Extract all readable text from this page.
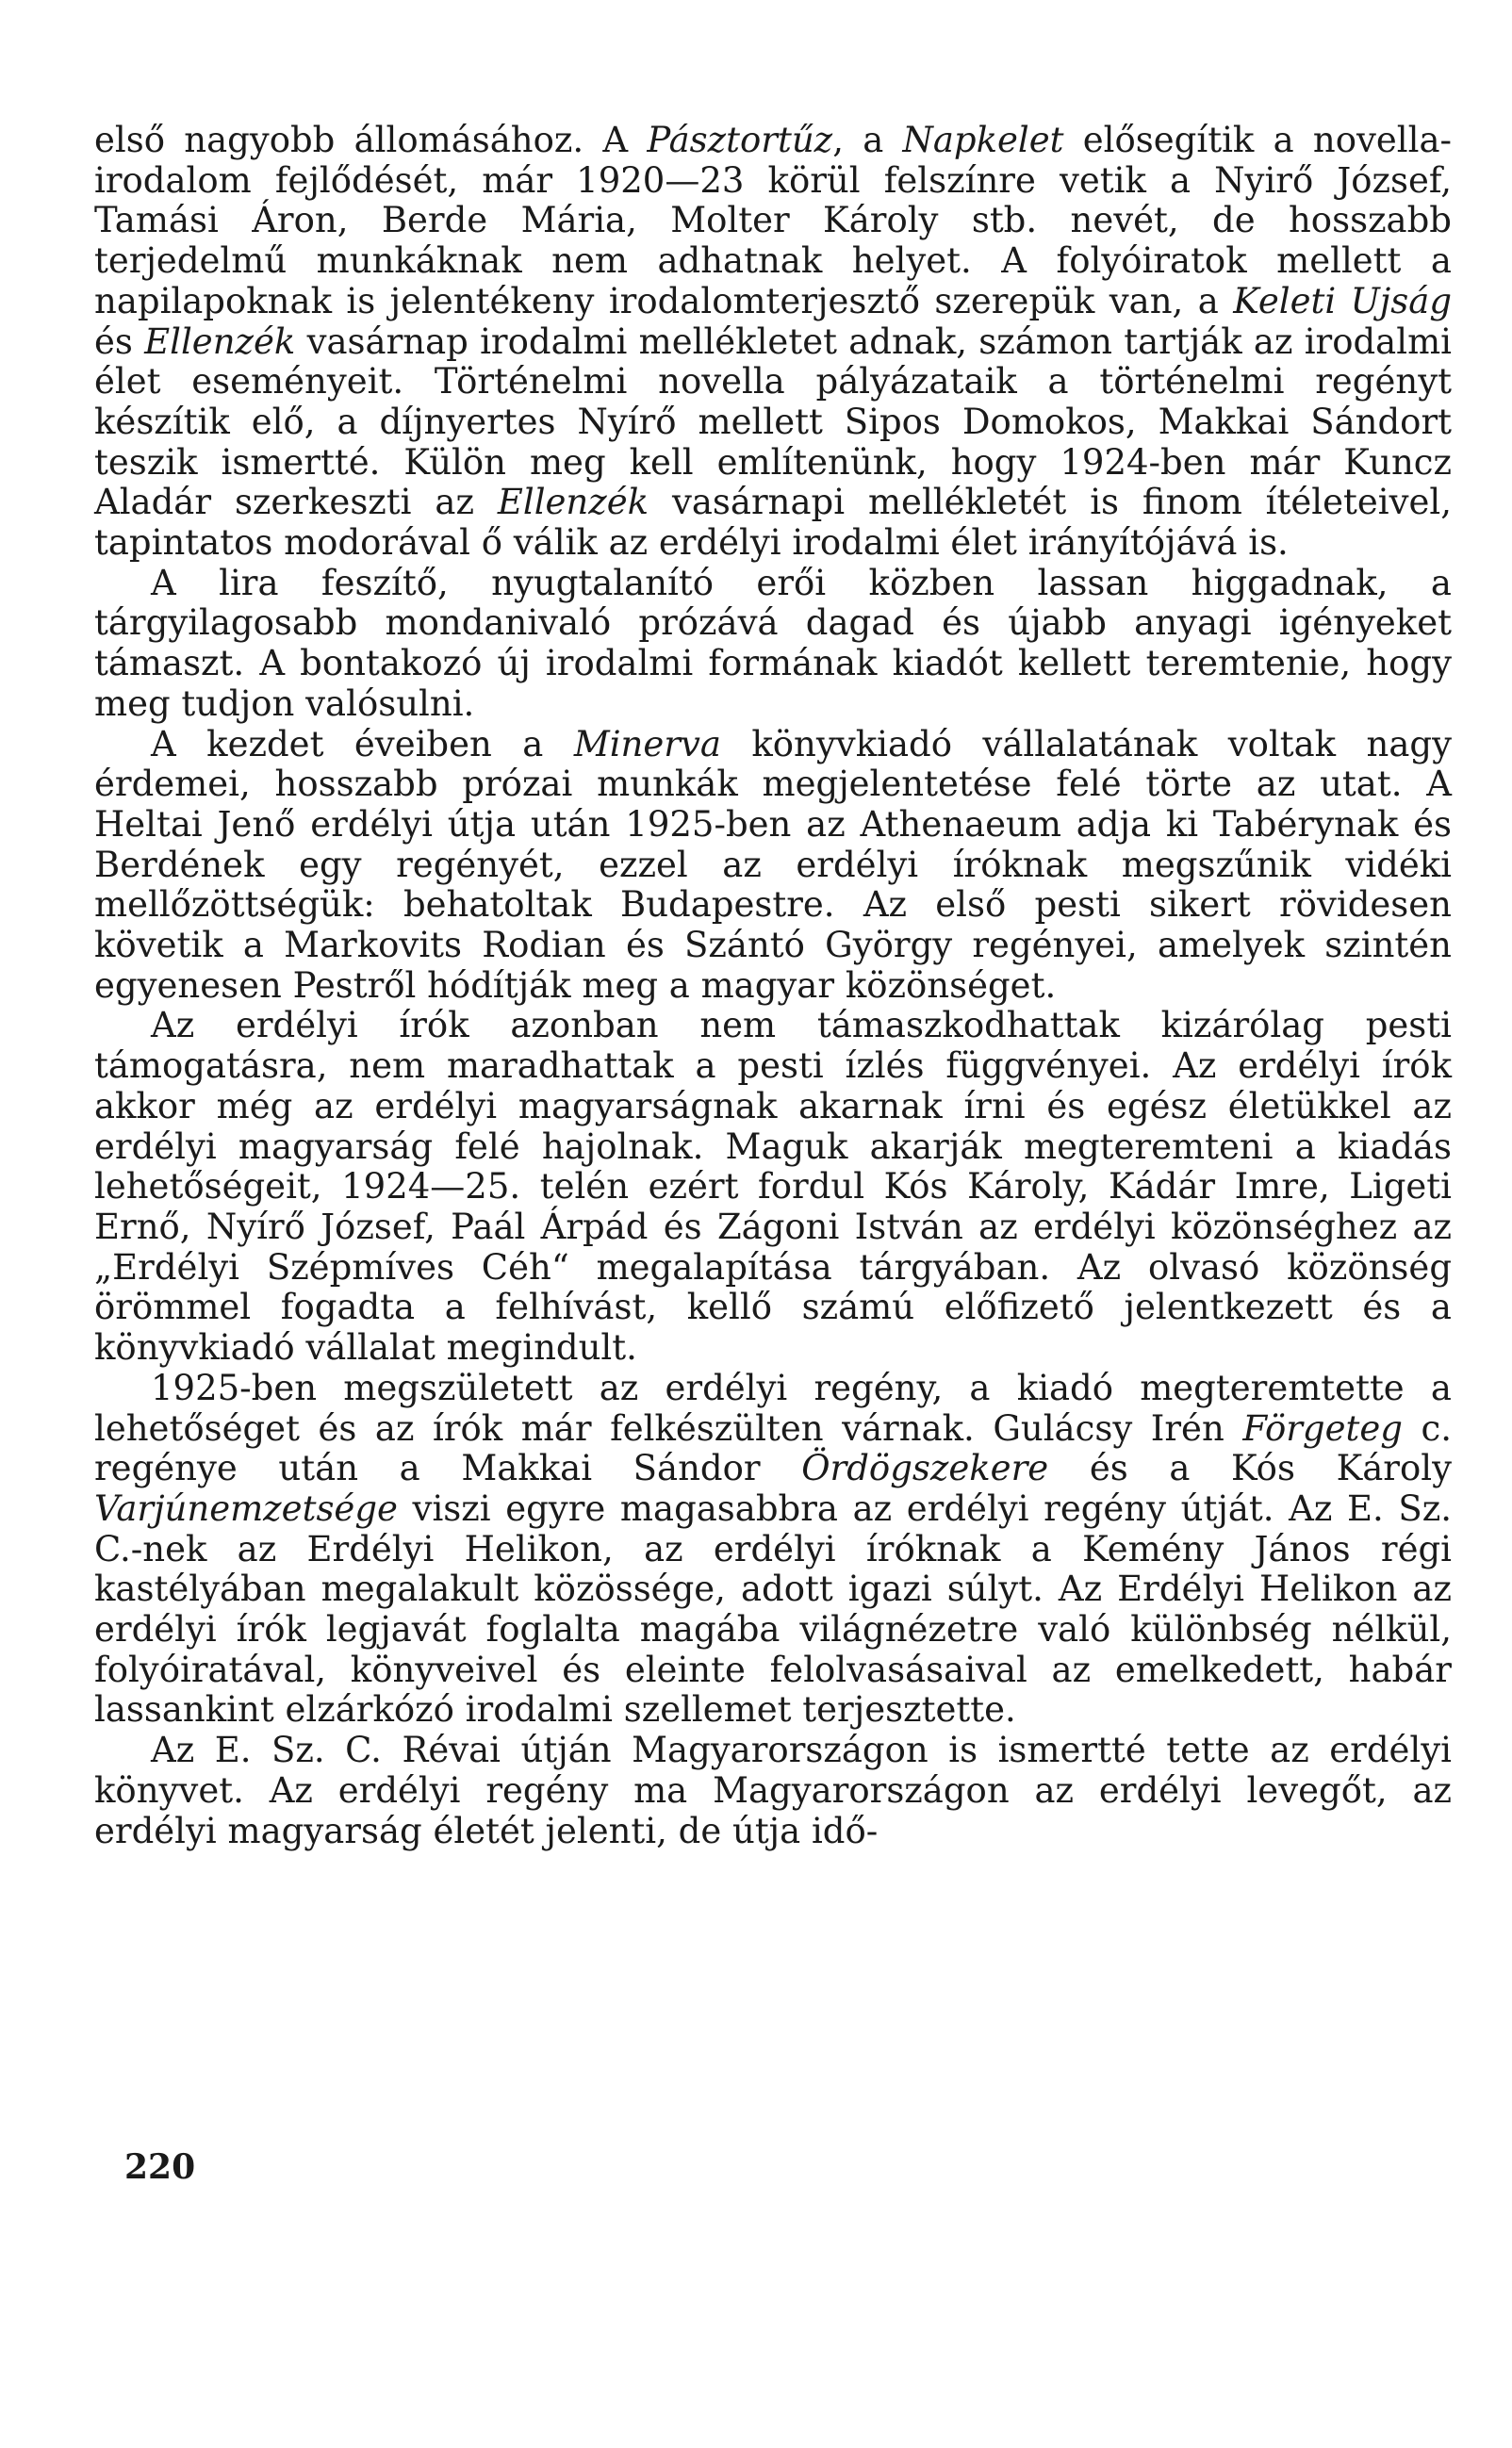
első nagyobb állomásához. A Pásztortűz, a Napkelet elősegítik a novella-irodalom fejlődését, már 1920—23 körül felszínre vetik a Nyirő József, Tamási Áron, Berde Mária, Molter Károly stb. nevét, de hosszabb terjedelmű munkáknak nem adhatnak helyet. A folyóiratok mellett a napilapoknak is jelentékeny irodalomterjesztő szerepük van, a Keleti Ujság és Ellenzék vasárnap irodalmi mellékletet adnak, számon tartják az irodalmi élet eseményeit. Történelmi novella pályázataik a történelmi regényt készítik elő, a díjnyertes Nyírő mellett Sipos Domokos, Makkai Sándort teszik ismertté. Külön meg kell említenünk, hogy 1924-ben már Kuncz Aladár szerkeszti az Ellenzék vasárnapi mellékletét is finom ítéleteivel, tapintatos modorával ő válik az erdélyi irodalmi élet irányítójává is.

A lira feszítő, nyugtalanító erői közben lassan higgadnak, a tárgyilagosabb mondanivaló prózává dagad és újabb anyagi igényeket támaszt. A bontakozó új irodalmi formának kiadót kellett teremtenie, hogy meg tudjon valósulni.

A kezdet éveiben a Minerva könyvkiadó vállalatának voltak nagy érdemei, hosszabb prózai munkák megjelentetése felé törte az utat. A Heltai Jenő erdélyi útja után 1925-ben az Athenaeum adja ki Tabérynak és Berdének egy regényét, ezzel az erdélyi íróknak megszűnik vidéki mellőzöttségük: behatoltak Budapestre. Az első pesti sikert rövidesen követik a Markovits Rodian és Szántó György regényei, amelyek szintén egyenesen Pestről hódítják meg a magyar közönséget.

Az erdélyi írók azonban nem támaszkodhattak kizárólag pesti támogatásra, nem maradhattak a pesti ízlés függvényei. Az erdélyi írók akkor még az erdélyi magyarságnak akarnak írni és egész életükkel az erdélyi magyarság felé hajolnak. Maguk akarják megteremteni a kiadás lehetőségeit, 1924—25. telén ezért fordul Kós Károly, Kádár Imre, Ligeti Ernő, Nyírő József, Paál Árpád és Zágoni István az erdélyi közönséghez az „Erdélyi Szépmíves Céh“ megalapítása tárgyában. Az olvasó közönség örömmel fogadta a felhívást, kellő számú előfizető jelentkezett és a könyvkiadó vállalat megindult.

1925-ben megszületett az erdélyi regény, a kiadó megteremtette a lehetőséget és az írók már felkészülten várnak. Gulácsy Irén Förgeteg c. regénye után a Makkai Sándor Ördögszekere és a Kós Károly Varjúnemzetsége viszi egyre magasabbra az erdélyi regény útját. Az E. Sz. C.-nek az Erdélyi Helikon, az erdélyi íróknak a Kemény János régi kastélyában megalakult közössége, adott igazi súlyt. Az Erdélyi Helikon az erdélyi írók legjavát foglalta magába világnézetre való különbség nélkül, folyóiratával, könyveivel és eleinte felolvasásaival az emelkedett, habár lassankint elzárkózó irodalmi szellemet terjesztette.

Az E. Sz. C. Révai útján Magyarországon is ismertté tette az erdélyi könyvet. Az erdélyi regény ma Magyarországon az erdélyi levegőt, az erdélyi magyarság életét jelenti, de útja idő-

220
